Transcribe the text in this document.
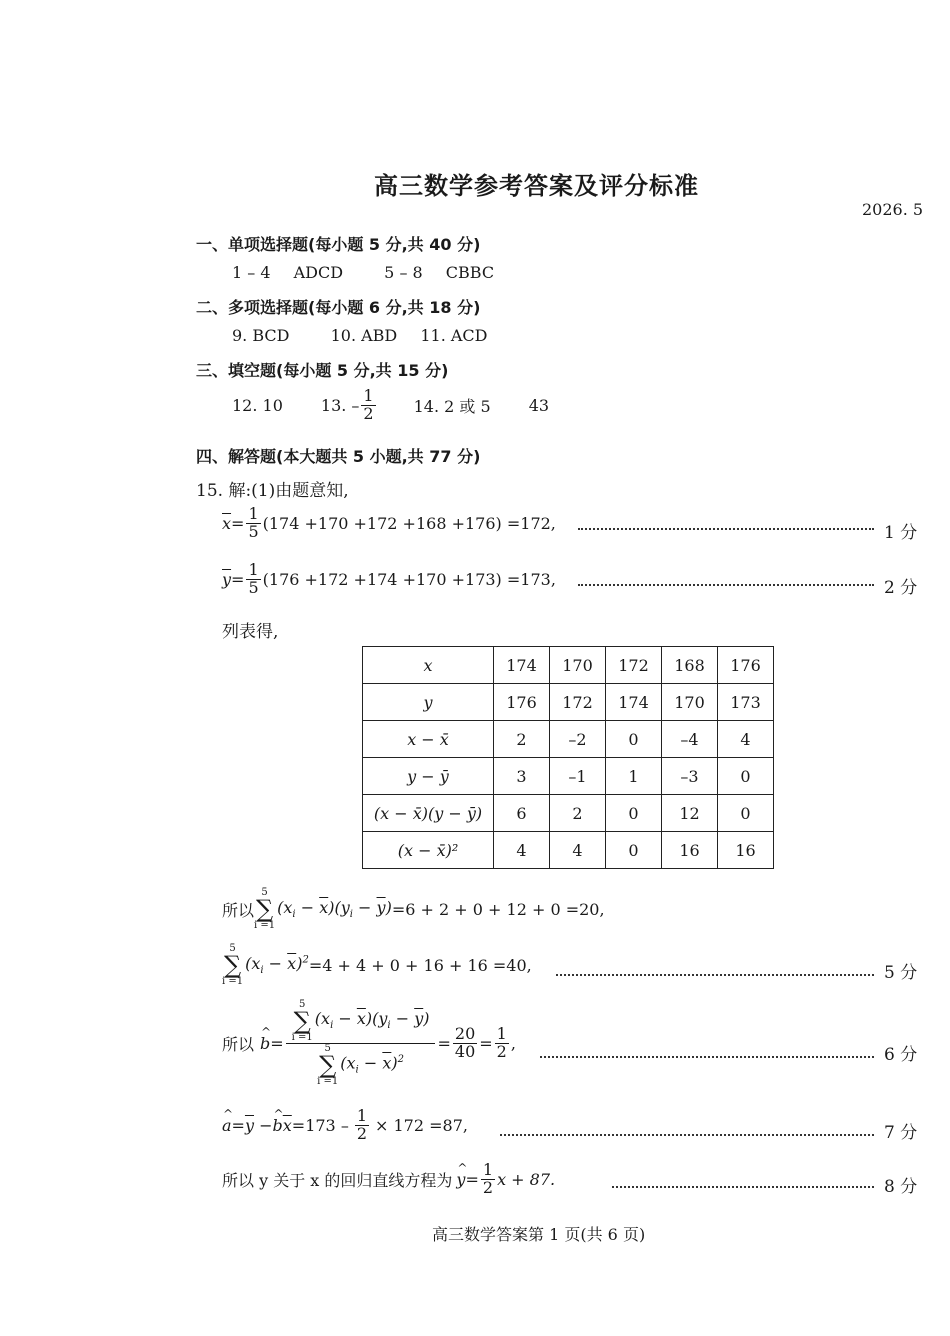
高三数学参考答案及评分标准
2026. 5
一、单项选择题(每小题 5 分,共 40 分)
1 – 4 ADCD	5 – 8 CBBC
二、多项选择题(每小题 6 分,共 18 分)
9. BCD	10. ABD 11. ACD
三、填空题(每小题 5 分,共 15 分)
12. 10 13. – $\frac{1}{2} 14$. 2 或 5 43
四、解答题(本大题共 5 小题,共 77 分)
15. 解:(1)由题意知,
$\overline{x} = \frac{1}{5} (174 +170 +172 +168 +176) =172$,	1 分
$\overline{y} = \frac{1}{5} (176 +172 +174 +170 +173) =173$,	2 分
列表得,
x	174	170	172	168	176
y	176	172	174	170	173
x − x̄	2	–2	0	–4	4
y − ȳ	3	–1	1	–3	0
(x − x̄)(y − ȳ)	6	2	0	12	0
(x − x̄)²	4	4	0	16	16
所以
5
∑
i =1
$(x_i - \overline{x})(y_i - \overline{y}) =6 + 2 + 0 + 12 + 0 =20$,
5
∑
i =1
$(x_i - \overline{x})^2 =4 + 4 + 0 + 16 + 16 =40$,	5 分
所以 ^ b = 5
∑
i =1
$(x_i - \overline{x})(y_i - \overline{y})$
5
∑
i =1
$(x_i - \overline{x})^2 = \frac{20}{40} = \frac{1}{2}$ ,
6 分
^ $a = \overline{y}$ − ^ b $\overline{x} =173 - \frac{1}{2} \times 172 =87$,	7 分
所以 y 关于 x 的回归直线方程为 ^ $y = \frac{1}{2}$ x + 87.	8 分
高三数学答案第 1 页(共 6 页)
